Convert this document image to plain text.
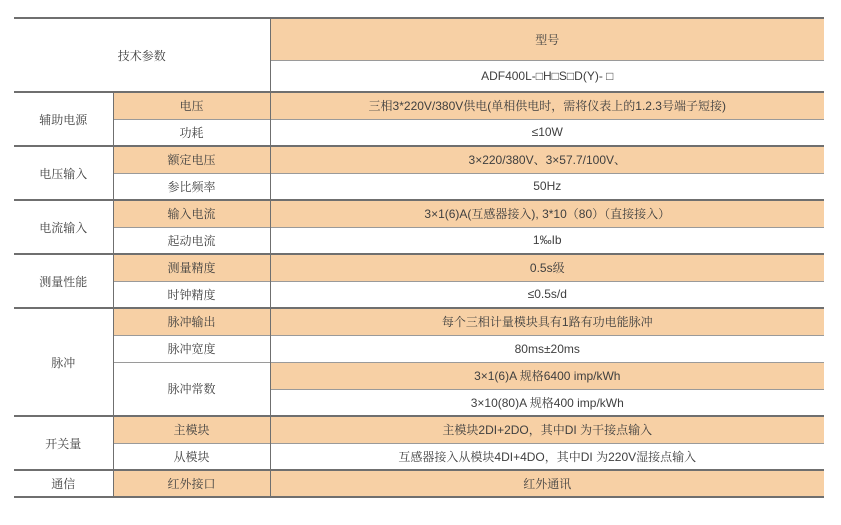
技术参数		型号
		ADF400L-□H□S□D(Y)- □
辅助电源	电压	三相3*220V/380V供电(单相供电时，需将仪表上的1.2.3号端子短接)
	功耗	≤10W
电压输入	额定电压	3×220/380V、3×57.7/100V、
	参比频率	50Hz
电流输入	输入电流	3×1(6)A(互感器接入), 3*10（80）（直接接入）
	起动电流	1‰Ib
测量性能	测量精度	0.5s级
	时钟精度	≤0.5s/d
脉冲	脉冲输出	每个三相计量模块具有1路有功电能脉冲
	脉冲宽度	80ms±20ms
	脉冲常数	3×1(6)A 规格6400 imp/kWh
		3×10(80)A 规格400 imp/kWh
开关量	主模块	主模块2DI+2DO，其中DI 为干接点输入
	从模块	互感器接入从模块4DI+4DO，其中DI 为220V湿接点输入
通信	红外接口	红外通讯
